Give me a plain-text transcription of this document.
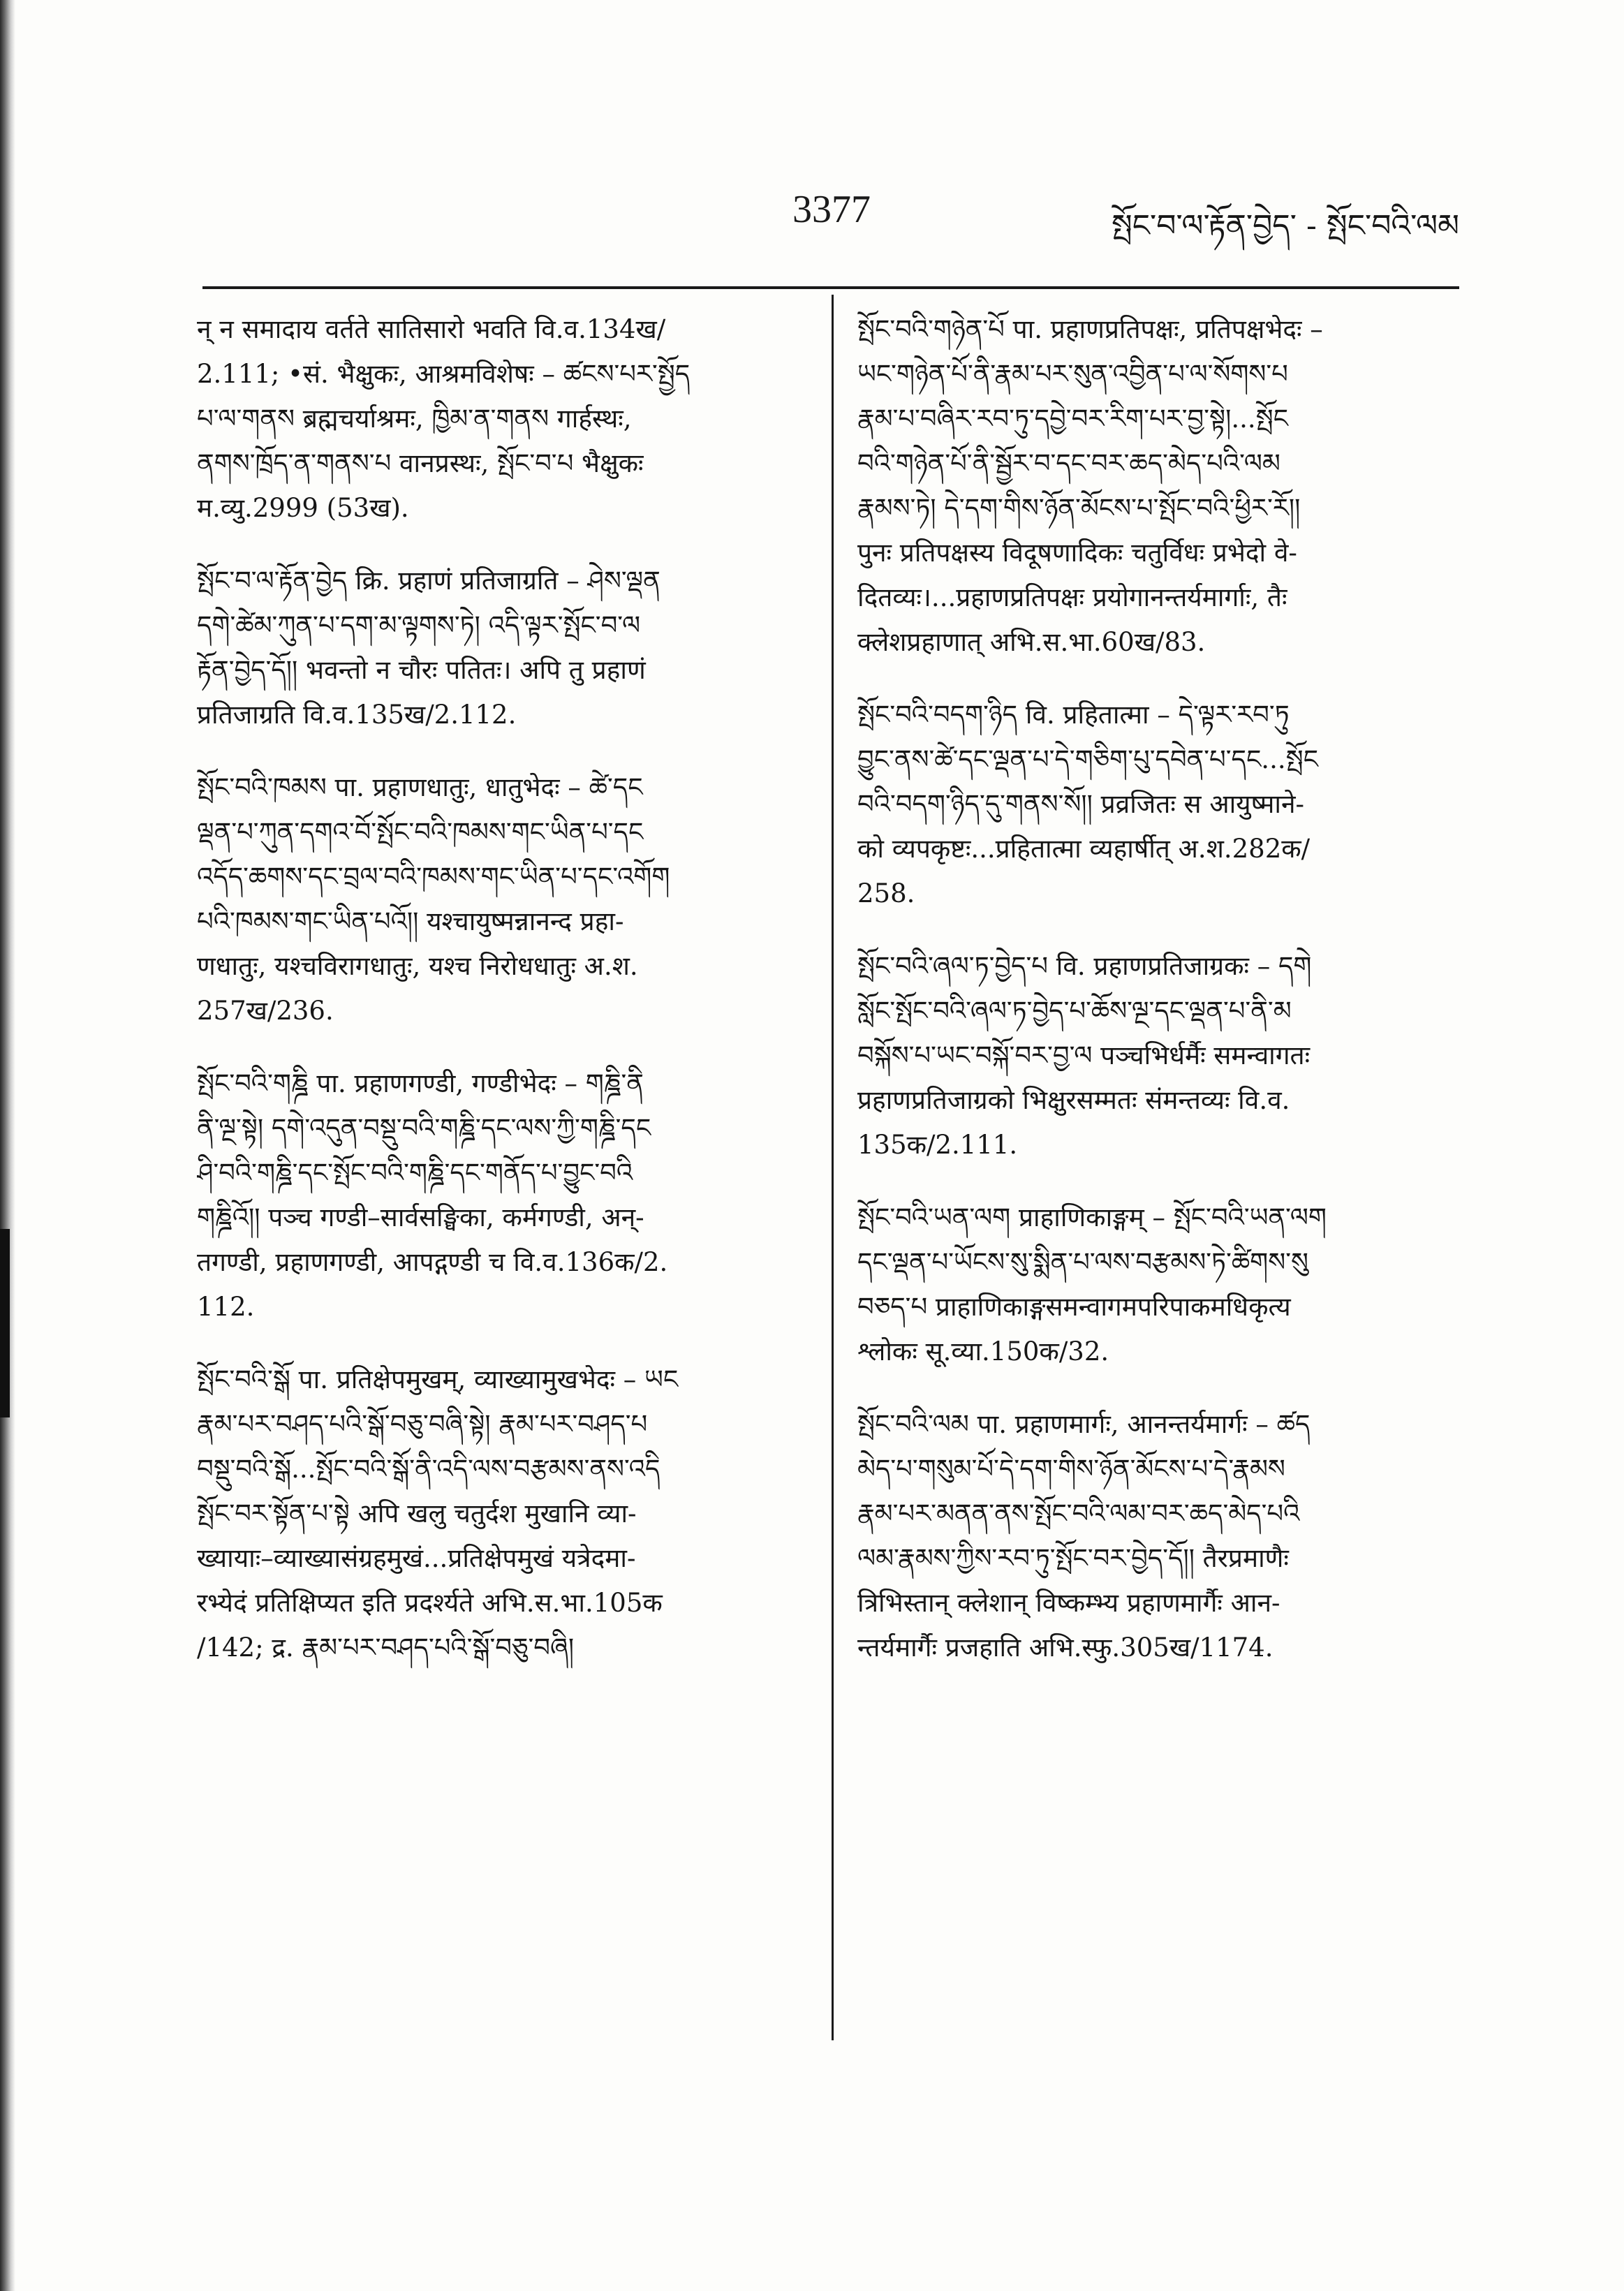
3377	སྤོང་བ་ལ་རྟོན་བྱེད་ - སྤོང་བའི་ལམ
न् न समादाय वर्तते सातिसारो भवति वि.व.134ख/
2.111; •सं. भैक्षुकः, आश्रमविशेषः – ཚངས་པར་སྤྱོད
པ་ལ་གནས ब्रह्मचर्याश्रमः, ཁྱིམ་ན་གནས गार्हस्थः,
ནགས་ཁྲོད་ན་གནས་པ वानप्रस्थः, སྤོང་བ་པ भैक्षुकः
म.व्यु.2999 (53ख).
སྤོང་བ་ལ་རྟོན་བྱེད क्रि. प्रहाणं प्रतिजाग्रति – ཤེས་ལྡན
དགེ་ཚེམ་ཀུན་པ་དག་མ་ལྟགས་ཏེ། འདི་ལྟར་སྤོང་བ་ལ
རྟོན་བྱེད་དོ།། भवन्तो न चौरः पतितः। अपि तु प्रहाणं
प्रतिजाग्रति वि.व.135ख/2.112.
སྤོང་བའི་ཁམས पा. प्रहाणधातुः, धातुभेदः – ཚེ་དང
ལྡན་པ་ཀུན་དགའ་བོ་སྤོང་བའི་ཁམས་གང་ཡིན་པ་དང
འདོད་ཆགས་དང་བྲལ་བའི་ཁམས་གང་ཡིན་པ་དང་འགོག
པའི་ཁམས་གང་ཡིན་པའོ།། यश्चायुष्मन्नानन्द प्रहा-
णधातुः, यश्चविरागधातुः, यश्च निरोधधातुः अ.श.
257ख/236.
སྤོང་བའི་གཎྜི पा. प्रहाणगण्डी, गण्डीभेदः – གཎྜི་ནི
ནི་ལྔ་སྟེ། དགེ་འདུན་བསྡུ་བའི་གཎྜི་དང་ལས་ཀྱི་གཎྜི་དང
ཤི་བའི་གཎྜི་དང་སྤོང་བའི་གཎྜི་དང་གནོད་པ་བྱུང་བའི
གཎྜིའོ།། पञ्च गण्डी–सार्वसङ्घिका, कर्मगण्डी, अन्-
तगण्डी, प्रहाणगण्डी, आपद्गण्डी च वि.व.136क/2.
112.
སྤོང་བའི་སྒོ पा. प्रतिक्षेपमुखम्, व्याख्यामुखभेदः – ཡང
རྣམ་པར་བཤད་པའི་སྒོ་བཅུ་བཞི་སྟེ། རྣམ་པར་བཤད་པ
བསྡུ་བའི་སྒོ...སྤོང་བའི་སྒོ་ནི་འདི་ལས་བརྩམས་ནས་འདི
སྤོང་བར་སྟོན་པ་སྟེ अपि खलु चतुर्दश मुखानि व्या-
ख्यायाः–व्याख्यासंग्रहमुखं...प्रतिक्षेपमुखं यत्रेदमा-
रभ्येदं प्रतिक्षिप्यत इति प्रदर्श्यते अभि.स.भा.105क
/142; द्र. རྣམ་པར་བཤད་པའི་སྒོ་བཅུ་བཞི།
སྤོང་བའི་གཉེན་པོ पा. प्रहाणप्रतिपक्षः, प्रतिपक्षभेदः –
ཡང་གཉེན་པོ་ནི་རྣམ་པར་སུན་འབྱིན་པ་ལ་སོགས་པ
རྣམ་པ་བཞིར་རབ་ཏུ་དབྱེ་བར་རིག་པར་བྱ་སྟེ།...སྤོང
བའི་གཉེན་པོ་ནི་སྦྱོར་བ་དང་བར་ཆད་མེད་པའི་ལམ
རྣམས་ཏེ། དེ་དག་གིས་ཉོན་མོངས་པ་སྤོང་བའི་ཕྱིར་རོ།།
पुनः प्रतिपक्षस्य विदूषणादिकः चतुर्विधः प्रभेदो वे-
दितव्यः।...प्रहाणप्रतिपक्षः प्रयोगानन्तर्यमार्गाः, तैः
क्लेशप्रहाणात् अभि.स.भा.60ख/83.
སྤོང་བའི་བདག་ཉིད वि. प्रहितात्मा – དེ་ལྟར་རབ་ཏུ
བྱུང་ནས་ཚེ་དང་ལྡན་པ་དེ་གཅིག་པུ་དབེན་པ་དང...སྤོང
བའི་བདག་ཉིད་དུ་གནས་སོ།། प्रव्रजितः स आयुष्माने-
को व्यपकृष्टः...प्रहितात्मा व्यहार्षीत् अ.श.282क/
258.
སྤོང་བའི་ཞལ་ཏ་བྱེད་པ वि. प्रहाणप्रतिजाग्रकः – དགེ
སློང་སྤོང་བའི་ཞལ་ཏ་བྱེད་པ་ཆོས་ལྔ་དང་ལྡན་པ་ནི་མ
བསྐོས་པ་ཡང་བསྐོ་བར་བྱ་ལ पञ्चभिर्धर्मैः समन्वागतः
प्रहाणप्रतिजाग्रको भिक्षुरसम्मतः संमन्तव्यः वि.व.
135क/2.111.
སྤོང་བའི་ཡན་ལག प्राहाणिकाङ्गम् – སྤོང་བའི་ཡན་ལག
དང་ལྡན་པ་ཡོངས་སུ་སྨིན་པ་ལས་བརྩམས་ཏེ་ཚིགས་སུ
བཅད་པ प्राहाणिकाङ्गसमन्वागमपरिपाकमधिकृत्य
श्लोकः सू.व्या.150क/32.
སྤོང་བའི་ལམ पा. प्रहाणमार्गः, आनन्तर्यमार्गः – ཚད
མེད་པ་གསུམ་པོ་དེ་དག་གིས་ཉོན་མོངས་པ་དེ་རྣམས
རྣམ་པར་མནན་ནས་སྤོང་བའི་ལམ་བར་ཆད་མེད་པའི
ལམ་རྣམས་ཀྱིས་རབ་ཏུ་སྤོང་བར་བྱེད་དོ།། तैरप्रमाणैः
त्रिभिस्तान् क्लेशान् विष्कम्भ्य प्रहाणमार्गैः आन-
न्तर्यमार्गैः प्रजहाति अभि.स्फु.305ख/1174.
